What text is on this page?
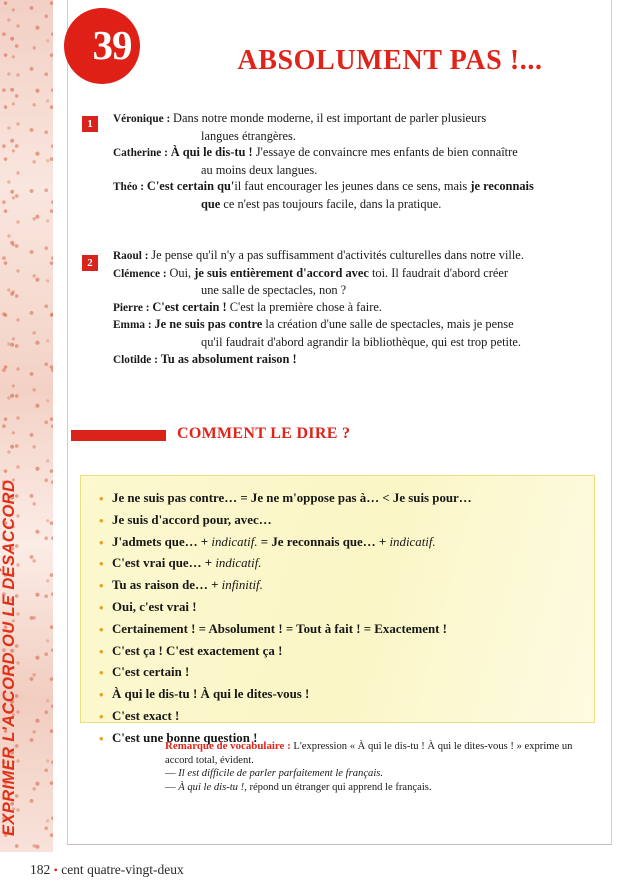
EXPRIMER L'ACCORD OU LE DÉSACCORD
39	ABSOLUMENT PAS !...
1	Véronique : Dans notre monde moderne, il est important de parler plusieurs
langues étrangères.
Catherine : À qui le dis-tu ! J'essaye de convaincre mes enfants de bien connaître
au moins deux langues.
Théo : C'est certain qu'il faut encourager les jeunes dans ce sens, mais je reconnais
que ce n'est pas toujours facile, dans la pratique.
2
Raoul : Je pense qu'il n'y a pas suffisamment d'activités culturelles dans notre ville.
Clémence : Oui, je suis entièrement d'accord avec toi. Il faudrait d'abord créer
une salle de spectacles, non ?
Pierre : C'est certain ! C'est la première chose à faire.
Emma : Je ne suis pas contre la création d'une salle de spectacles, mais je pense
qu'il faudrait d'abord agrandir la bibliothèque, qui est trop petite.
Clotilde : Tu as absolument raison !
COMMENT LE DIRE ?
• Je ne suis pas contre… = Je ne m'oppose pas à… < Je suis pour…
• Je suis d'accord pour, avec…
• J'admets que… + indicatif. = Je reconnais que… + indicatif.
• C'est vrai que… + indicatif.
• Tu as raison de… + infinitif.
• Oui, c'est vrai !
• Certainement ! = Absolument ! = Tout à fait ! = Exactement !
• C'est ça ! C'est exactement ça !
• C'est certain !
• À qui le dis-tu ! À qui le dites-vous !
• C'est exact !
• C'est une bonne question !
Remarque de vocabulaire : L'expression « À qui le dis-tu ! À qui le dites-vous ! » exprime un accord total, évident.
— Il est difficile de parler parfaitement le français.
— À qui le dis-tu !, répond un étranger qui apprend le français.
182 • cent quatre-vingt-deux
